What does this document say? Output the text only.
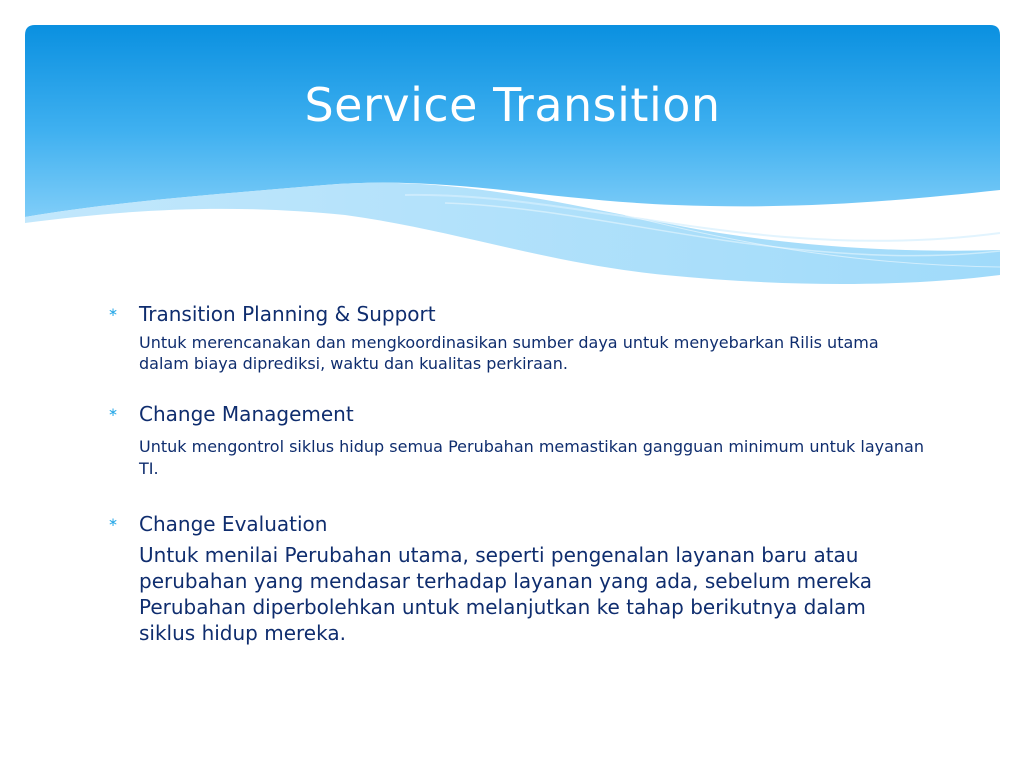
Service Transition
∗ Transition Planning & Support
Untuk merencanakan dan mengkoordinasikan sumber daya untuk menyebarkan Rilis utama dalam biaya diprediksi, waktu dan kualitas perkiraan.
∗ Change Management
Untuk mengontrol siklus hidup semua Perubahan memastikan gangguan minimum untuk layanan TI.
∗ Change Evaluation
Untuk menilai Perubahan utama, seperti pengenalan layanan baru atau perubahan yang mendasar terhadap layanan yang ada, sebelum mereka Perubahan diperbolehkan untuk melanjutkan ke tahap berikutnya dalam siklus hidup mereka.
